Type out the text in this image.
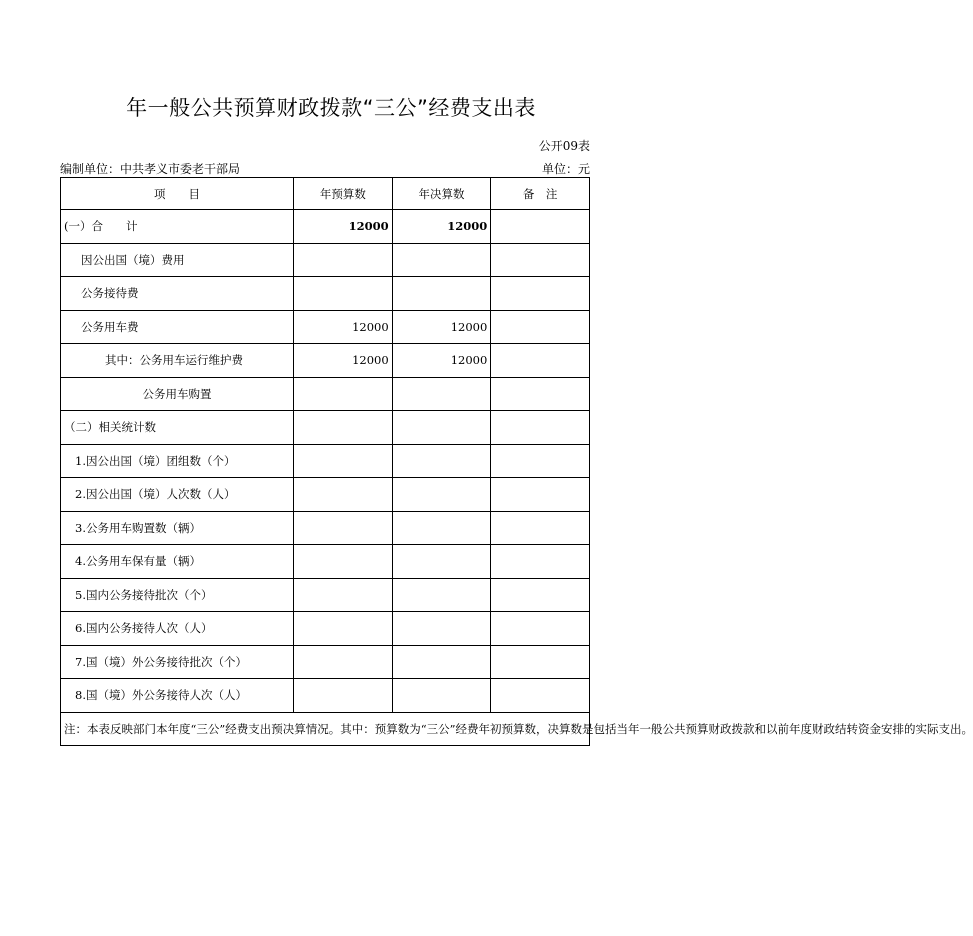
年一般公共预算财政拨款“三公”经费支出表
公开09表
编制单位：中共孝义市委老干部局	单位：元
项　　目	年预算数	年决算数	备　注
(一）合　　计	12000	12000	
因公出国（境）费用			
公务接待费			
公务用车费	12000	12000	
其中：公务用车运行维护费	12000	12000	
公务用车购置			
（二）相关统计数			
1.因公出国（境）团组数（个）			
2.因公出国（境）人次数（人）			
3.公务用车购置数（辆）			
4.公务用车保有量（辆）			
5.国内公务接待批次（个）			
6.国内公务接待人次（人）			
7.国（境）外公务接待批次（个）			
8.国（境）外公务接待人次（人）			
注：本表反映部门本年度“三公”经费支出预决算情况。其中：预算数为“三公”经费年初预算数，决算数是包括当年一般公共预算财政拨款和以前年度财政结转资金安排的实际支出。			
